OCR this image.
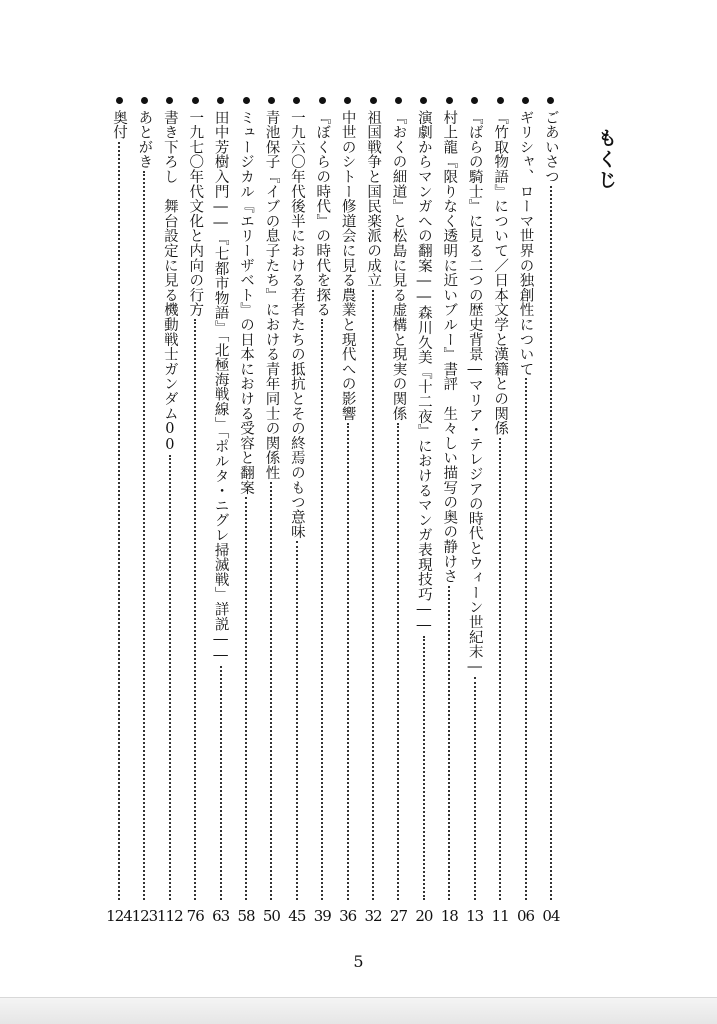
もくじ
ごあいさつ
04
ギリシャ、ローマ世界の独創性について
06
『竹取物語』について／日本文学と漢籍との関係
11
『ばらの騎士』に見る二つの歴史背景―マリア・テレジアの時代とウィーン世紀末―
13
村上龍『限りなく透明に近いブルー』書評　生々しい描写の奥の静けさ
18
演劇からマンガへの翻案――森川久美『十二夜』におけるマンガ表現技巧――
20
『おくの細道』と松島に見る虚構と現実の関係
27
祖国戦争と国民楽派の成立
32
中世のシトー修道会に見る農業と現代への影響
36
『ぼくらの時代』の時代を探る
39
一九六〇年代後半における若者たちの抵抗とその終焉のもつ意味
45
青池保子『イブの息子たち』における青年同士の関係性
50
ミュージカル『エリーザベト』の日本における受容と翻案
58
田中芳樹入門――『七都市物語』「北極海戦線」「ポルタ・ニグレ掃滅戦」詳説――
63
一九七〇年代文化と内向の行方
76
書き下ろし　舞台設定に見る機動戦士ガンダム00
112
あとがき
123
奥付
124
5
